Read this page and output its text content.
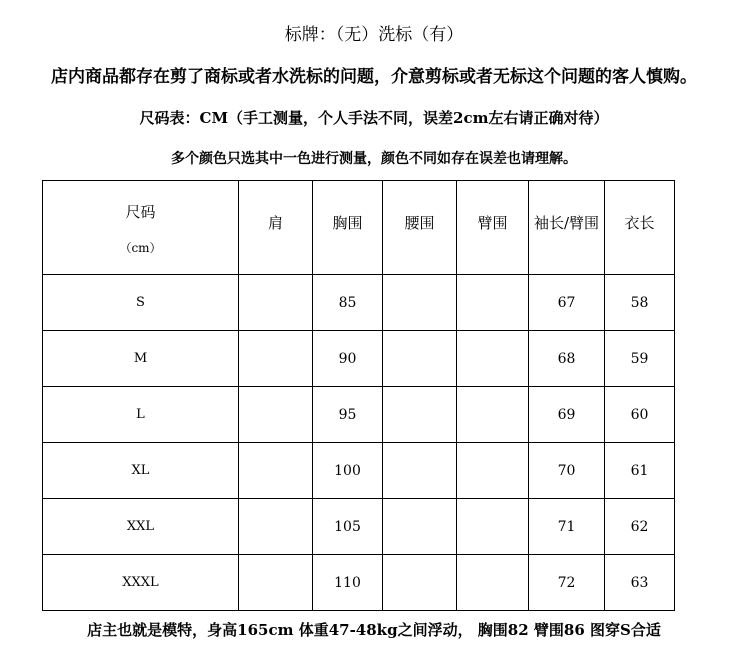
标牌：（无）洗标（有）
店内商品都存在剪了商标或者水洗标的问题，介意剪标或者无标这个问题的客人慎购。
尺码表：CM（手工测量，个人手法不同，误差2cm左右请正确对待）
多个颜色只选其中一色进行测量，颜色不同如存在误差也请理解。
尺码
（cm）	肩	胸围	腰围	臂围	袖长/臂围	衣长
S		85			67	58
M		90			68	59
L		95			69	60
XL		100			70	61
XXL		105			71	62
XXXL		110			72	63
店主也就是模特，身高165cm 体重47-48kg之间浮动， 胸围82 臂围86 图穿S合适
